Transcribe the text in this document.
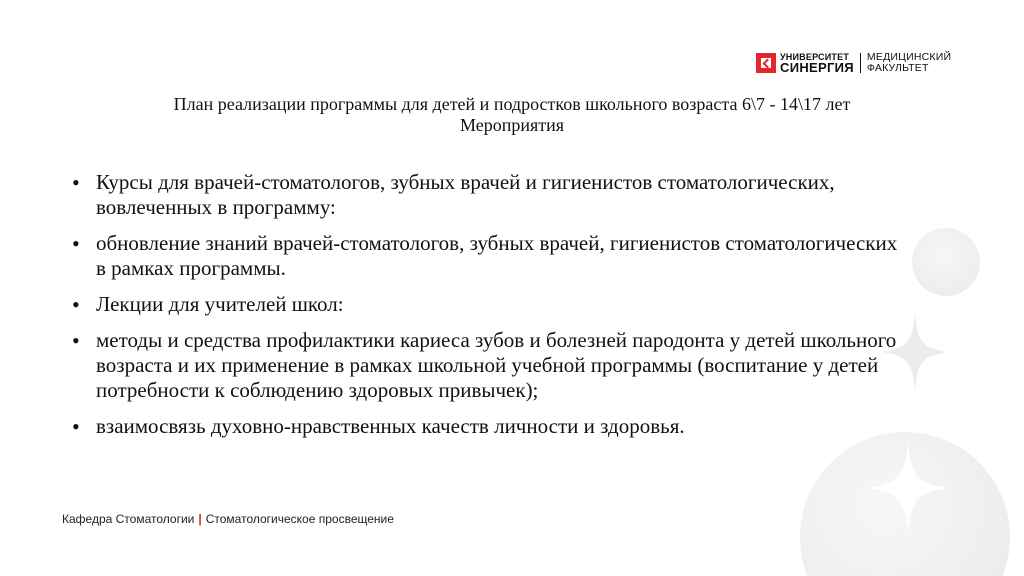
УНИВЕРСИТЕТ
СИНЕРГИЯ
МЕДИЦИНСКИЙ
ФАКУЛЬТЕТ
План реализации программы для детей и подростков школьного возраста 6\7 - 14\17 лет
Мероприятия
• Курсы для врачей-стоматологов, зубных врачей и гигиенистов стоматологических, вовлеченных в программу:
• обновление знаний врачей-стоматологов, зубных врачей, гигиенистов стоматологических в рамках программы.
• Лекции для учителей школ:
• методы и средства профилактики кариеса зубов и болезней пародонта у детей школьного возраста и их применение в рамках школьной учебной программы (воспитание у детей потребности к соблюдению здоровых привычек);
• взаимосвязь духовно-нравственных качеств личности и здоровья.
Кафедра Стоматологии | Стоматологическое просвещение
